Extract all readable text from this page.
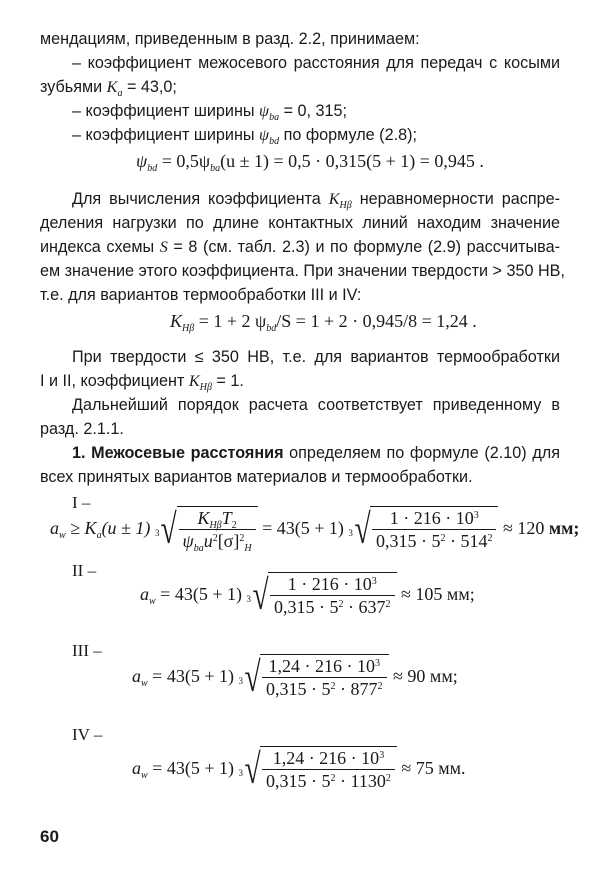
мендациям, приведенным в разд. 2.2, принимаем:
– коэффициент межосевого расстояния для передач с косыми
зубьями $K_a = 43,0$;
– коэффициент ширины $\psi_{ba} = 0$, 315;
– коэффициент ширины $\psi_{bd}$ по формуле (2.8);
$\psi_{bd} = 0,5\psi_{ba}(u \pm 1) = 0,5 \cdot 0,315(5 + 1) = 0,945$ .
Для вычисления коэффициента $K_{H\beta}$ неравномерности распре-
деления нагрузки по длине контактных линий находим значение
индекса схемы S = 8 (см. табл. 2.3) и по формуле (2.9) рассчитыва-
ем значение этого коэффициента. При значении твердости > 350 НВ,
т.е. для вариантов термообработки III и IV:
$K_{H\beta} = 1 + 2$ $\psi_{bd}/S = 1 + 2 \cdot 0,945/8 = 1,24$ .
При твердости ≤ 350 НВ, т.е. для вариантов термообработки
I и II, коэффициент $K_{H\beta} = 1$.
Дальнейший порядок расчета соответствует приведенному в
разд. 2.1.1.
1. Межосевые расстояния определяем по формуле (2.10) для
всех принятых вариантов материалов и термообработки.
I –
$a_w \ge K_a(u \pm 1)$ 3 √ $\frac{K_{H\beta}T_2}{\psi_{ba}u^2[\sigma]^2_H} = 43(5 + 1)$ 3 √ $\frac{1 \cdot 216 \cdot 10^3}{0,315 \cdot 5^2 \cdot 514^2} \approx 120$ мм;
II –
$a_w = 43(5 + 1)$ 3 √ $\frac{1 \cdot 216 \cdot 10^3}{0,315 \cdot 5^2 \cdot 637^2} \approx 105$ мм;
III –
$a_w = 43(5 + 1)$ 3 √ $\frac{1,24 \cdot 216 \cdot 10^3}{0,315 \cdot 5^2 \cdot 877^2} \approx 90$ мм;
IV –
$a_w = 43(5 + 1)$ 3 √ $\frac{1,24 \cdot 216 \cdot 10^3}{0,315 \cdot 5^2 \cdot 1130^2} \approx 75$ мм.
60
